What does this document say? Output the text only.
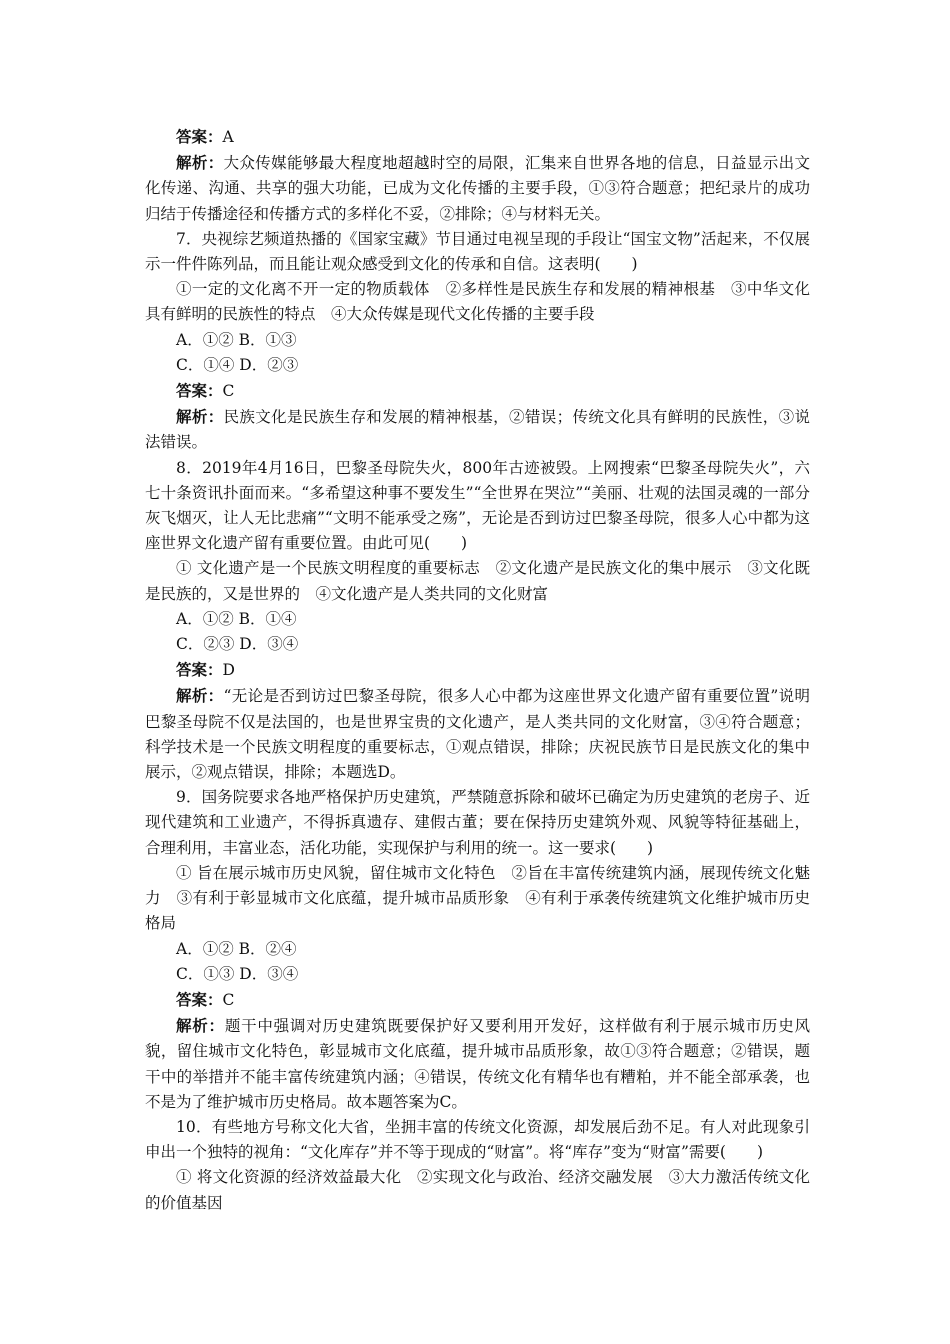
答案：A

解析：大众传媒能够最大程度地超越时空的局限，汇集来自世界各地的信息，日益显示出文化传递、沟通、共享的强大功能，已成为文化传播的主要手段，①③符合题意；把纪录片的成功归结于传播途径和传播方式的多样化不妥，②排除；④与材料无关。

7．央视综艺频道热播的《国家宝藏》节目通过电视呈现的手段让“国宝文物”活起来，不仅展示一件件陈列品，而且能让观众感受到文化的传承和自信。这表明(　　)

①一定的文化离不开一定的物质载体　②多样性是民族生存和发展的精神根基　③中华文化具有鲜明的民族性的特点　④大众传媒是现代文化传播的主要手段

A．①② B．①③

C．①④ D．②③

答案：C

解析：民族文化是民族生存和发展的精神根基，②错误；传统文化具有鲜明的民族性，③说法错误。

8．2019年4月16日，巴黎圣母院失火，800年古迹被毁。上网搜索“巴黎圣母院失火”，六七十条资讯扑面而来。“多希望这种事不要发生”“全世界在哭泣”“美丽、壮观的法国灵魂的一部分灰飞烟灭，让人无比悲痛”“文明不能承受之殇”，无论是否到访过巴黎圣母院，很多人心中都为这座世界文化遗产留有重要位置。由此可见(　　)

① 文化遗产是一个民族文明程度的重要标志　②文化遗产是民族文化的集中展示　③文化既是民族的，又是世界的　④文化遗产是人类共同的文化财富

A．①② B．①④

C．②③ D．③④

答案：D

解析：“无论是否到访过巴黎圣母院，很多人心中都为这座世界文化遗产留有重要位置”说明巴黎圣母院不仅是法国的，也是世界宝贵的文化遗产，是人类共同的文化财富，③④符合题意；科学技术是一个民族文明程度的重要标志，①观点错误，排除；庆祝民族节日是民族文化的集中展示，②观点错误，排除；本题选D。

9．国务院要求各地严格保护历史建筑，严禁随意拆除和破坏已确定为历史建筑的老房子、近现代建筑和工业遗产，不得拆真遗存、建假古董；要在保持历史建筑外观、风貌等特征基础上，合理利用，丰富业态，活化功能，实现保护与利用的统一。这一要求(　　)

① 旨在展示城市历史风貌，留住城市文化特色　②旨在丰富传统建筑内涵，展现传统文化魅力　③有利于彰显城市文化底蕴，提升城市品质形象　④有利于承袭传统建筑文化维护城市历史格局

A．①② B．②④

C．①③ D．③④

答案：C

解析：题干中强调对历史建筑既要保护好又要利用开发好，这样做有利于展示城市历史风貌，留住城市文化特色，彰显城市文化底蕴，提升城市品质形象，故①③符合题意；②错误，题干中的举措并不能丰富传统建筑内涵；④错误，传统文化有精华也有糟粕，并不能全部承袭，也不是为了维护城市历史格局。故本题答案为C。

10．有些地方号称文化大省，坐拥丰富的传统文化资源，却发展后劲不足。有人对此现象引申出一个独特的视角：“文化库存”并不等于现成的“财富”。将“库存”变为“财富”需要(　　)

① 将文化资源的经济效益最大化　②实现文化与政治、经济交融发展　③大力激活传统文化的价值基因
